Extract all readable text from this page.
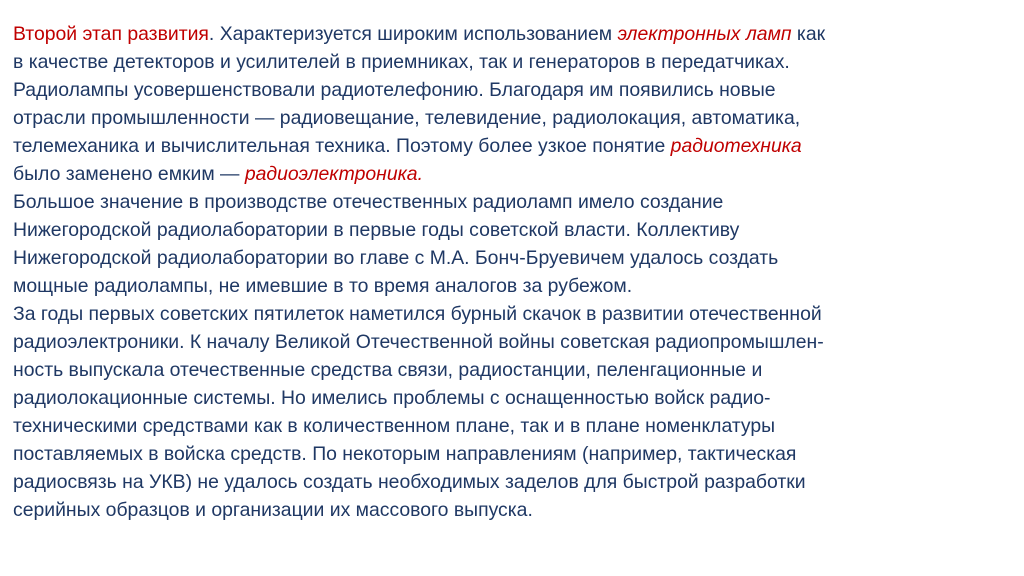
Второй этап развития. Характеризуется широким использованием электронных ламп как
в качестве детекторов и усилителей в приемниках, так и генераторов в передатчиках.
Радиолампы усовершенствовали радиотелефонию. Благодаря им появились новые
отрасли промышленности — радиовещание, телевидение, радиолокация, автоматика,
телемеханика и вычислительная техника. Поэтому более узкое понятие радиотехника
было заменено емким — радиоэлектроника.
Большое значение в производстве отечественных радиоламп имело создание
Нижегородской радиолаборатории в первые годы советской власти. Коллективу
Нижегородской радиолаборатории во главе с М.А. Бонч-Бруевичем удалось создать
мощные радиолампы, не имевшие в то время аналогов за рубежом.
За годы первых советских пятилеток наметился бурный скачок в развитии отечественной
радиоэлектроники. К началу Великой Отечественной войны советская радиопромышлен-
ность выпускала отечественные средства связи, радиостанции, пеленгационные и
радиолокационные системы. Но имелись проблемы с оснащенностью войск радио-
техническими средствами как в количественном плане, так и в плане номенклатуры
поставляемых в войска средств. По некоторым направлениям (например, тактическая
радиосвязь на УКВ) не удалось создать необходимых заделов для быстрой разработки
серийных образцов и организации их массового выпуска.
